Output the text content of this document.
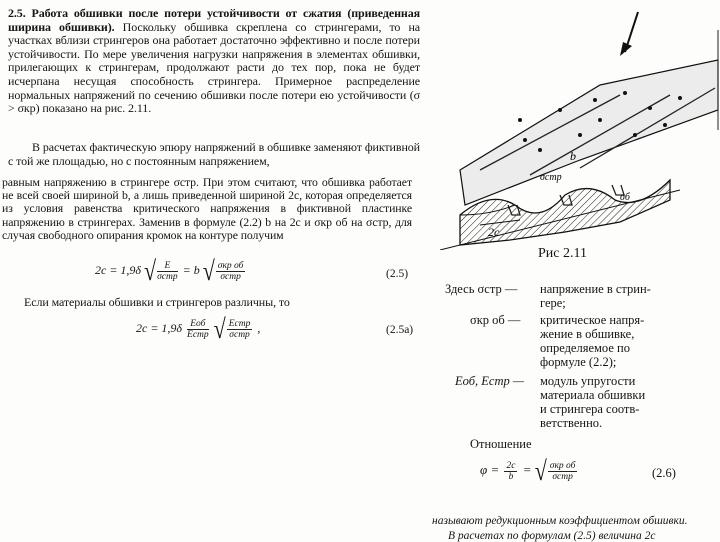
2.5. Работа обшивки после потери устойчивости от сжатия (приведенная ширина обшивки). Поскольку обшивка скреплена со стрингерами, то на участках вблизи стрингеров она работает достаточно эффективно и после потери устойчивости. По мере увеличения нагрузки напряжения в элементах обшивки, прилегающих к стрингерам, продолжают расти до тех пор, пока не будет исчерпана несущая способность стрингера. Примерное распределение нормальных напряжений по сечению обшивки после потери ею устойчивости (σ > σкр) показано на рис. 2.11.

В расчетах фактическую эпюру напряжений в обшивке заменяют фиктивной с той же площадью, но с постоянным напряжением,

равным напряжению в стрингере σстр. При этом считают, что обшивка работает не всей своей шириной b, а лишь приведенной шириной 2c, которая определяется из условия равенства критического напряжения в фиктивной пластинке напряжению в стрингерах. Заменив в формуле (2.2) b на 2c и σкр об на σстр, для случая свободного опирания кромок на контуре получим

2c = 1,9δ √ $\frac{E}{\text{σстр}} = b$ √ $\frac{\text{σкр об}}{\text{σстр}}$	(2.5)

Если материалы обшивки и стрингеров различны, то

$2c = 1,9\delta \frac{\text{Eоб}}{\text{Eстр}}$ √ $\frac{\text{Eстр}}{\text{σстр}}$ ,	(2.5а)
b
2c
σб
σстр
Рис 2.11
Здесь σстр — напряжение в стрин-
гере;
σкр об — критическое напря-
жение в обшивке,
определяемое по
формуле (2.2);
Eоб, Eстр — модуль упругости
материала обшивки
и стрингера соотв-
ветственно.
Отношение
$\varphi = \frac{2c}{b}$ = √ $\frac{\text{σкр об}}{\text{σстр}}$	(2.6)
называют редукционным коэффициентом обшивки.
В расчетах по формулам (2.5) величина 2c
